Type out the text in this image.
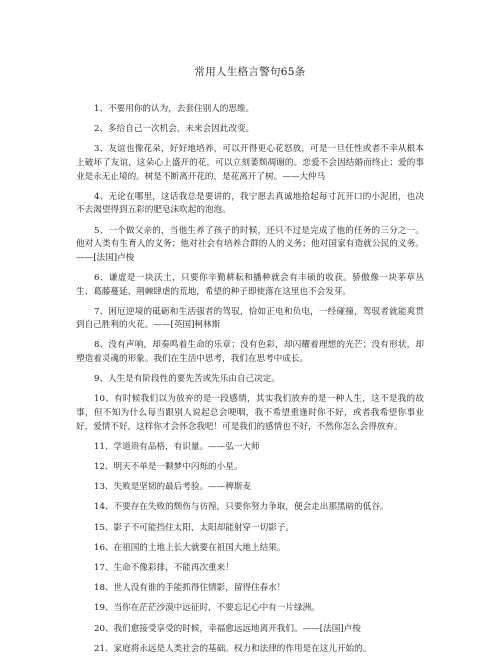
常用人生格言警句65条
1、不要用你的认为，去套住别人的思维。
2、多给自己一次机会，未来会因此改变。
3、友谊也像花朵，好好地培养，可以开得更心花怒放，可是一旦任性或者不幸从根本上破坏了友谊，这朵心上盛开的花，可以立刻萎颓凋谢的。恋爱不会因结婚而终止；爱的事业是永无止境的。树是不断离开花的，是花离开了树。——大仲马
4、无论在哪里，这话我总是要讲的，我宁愿去真诚地拾起每寸瓦开口的小泥团，也决不去渴望得到五彩的肥皂沫吹起的泡泡。
5、一个做父亲的，当他生养了孩子的时候，还只不过是完成了他的任务的三分之一。他对人类有生育人的义务；他对社会有培养合群的人的义务；他对国家有造就公民的义务。——[法国]卢梭
6、谦虚是一块沃土，只要你辛勤耕耘和播种就会有丰硕的收获。骄傲像一块茅草丛生、葛藤蔓延、荆棘肆虐的荒地，希望的种子即使落在这里也不会发芽。
7、困厄逆境的砥砺和生活强者的驾驭，恰如正电和负电，一经碰撞，驾驭者就能爽贯到自己胜利的火花。——[英国]柯林斯
8、没有声响，却奏鸣着生命的乐章；没有色彩，却闪耀着理想的光芒；没有形状，却塑造着灵魂的形象。我们在生活中思考，我们在思考中成长。
9、人生是有阶段性的要先苦或先乐由自己决定。
10、有时候我们以为放弃的是一段感情，其实我们放弃的是一种人生，这不是我的故事，但不知为什么每当跟别人说起总会哽咽，我不希望重逢时你不好，或者我希望你事业好，爱情不好，这样你才会怀念我吧！可是我们的感情也不好，不然你怎么会得放弃。
11、学道贵有品格，有识量。——弘一大师
12、明天不单是一颗梦中闪烁的小星。
13、失败是坚韧的最后考验。——稗斯麦
14、不要存在失败的颓伤与彷徨，只要你努力争取，便会走出那黑暗的低谷。
15、影子不可能挡住太阳，太阳却能射穿一切影子。
16、在祖国的土地上长大就要在祖国大地上结果。
17、生命不像彩排，不能再次重来！
18、世人没有谁的手能抓得住情影，留得住春水！
19、当你在茫茫沙漠中远征时，不要忘记心中有一片绿洲。
20、我们愈接受享受的时候，幸福愈远远地离开我们。——[法国]卢梭
21、家庭将永远是人类社会的基础。权力和法律的作用是在这儿开始的。
